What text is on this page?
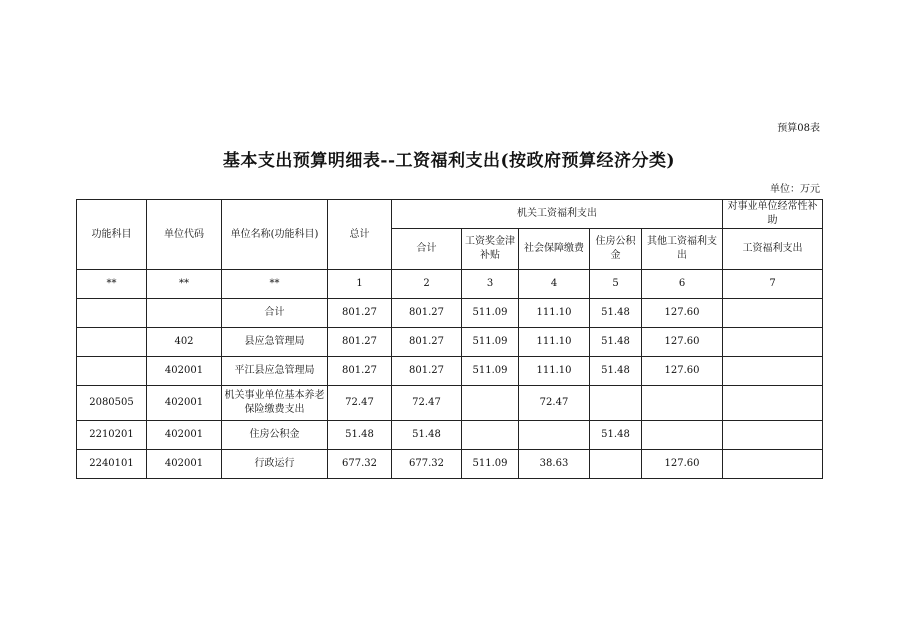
预算08表
基本支出预算明细表--工资福利支出(按政府预算经济分类)
单位：万元
功能科目	单位代码	单位名称(功能科目)	总计	机关工资福利支出					对事业单位经常性补助
				合计	工资奖金津补贴	社会保障缴费	住房公积金	其他工资福利支出	工资福利支出
**	**	**	1	2	3	4	5	6	7
		合计	801.27	801.27	511.09	111.10	51.48	127.60	
	402	县应急管理局	801.27	801.27	511.09	111.10	51.48	127.60	
	402001	平江县应急管理局	801.27	801.27	511.09	111.10	51.48	127.60	
2080505	402001	机关事业单位基本养老保险缴费支出	72.47	72.47		72.47			
2210201	402001	住房公积金	51.48	51.48			51.48		
2240101	402001	行政运行	677.32	677.32	511.09	38.63		127.60	
